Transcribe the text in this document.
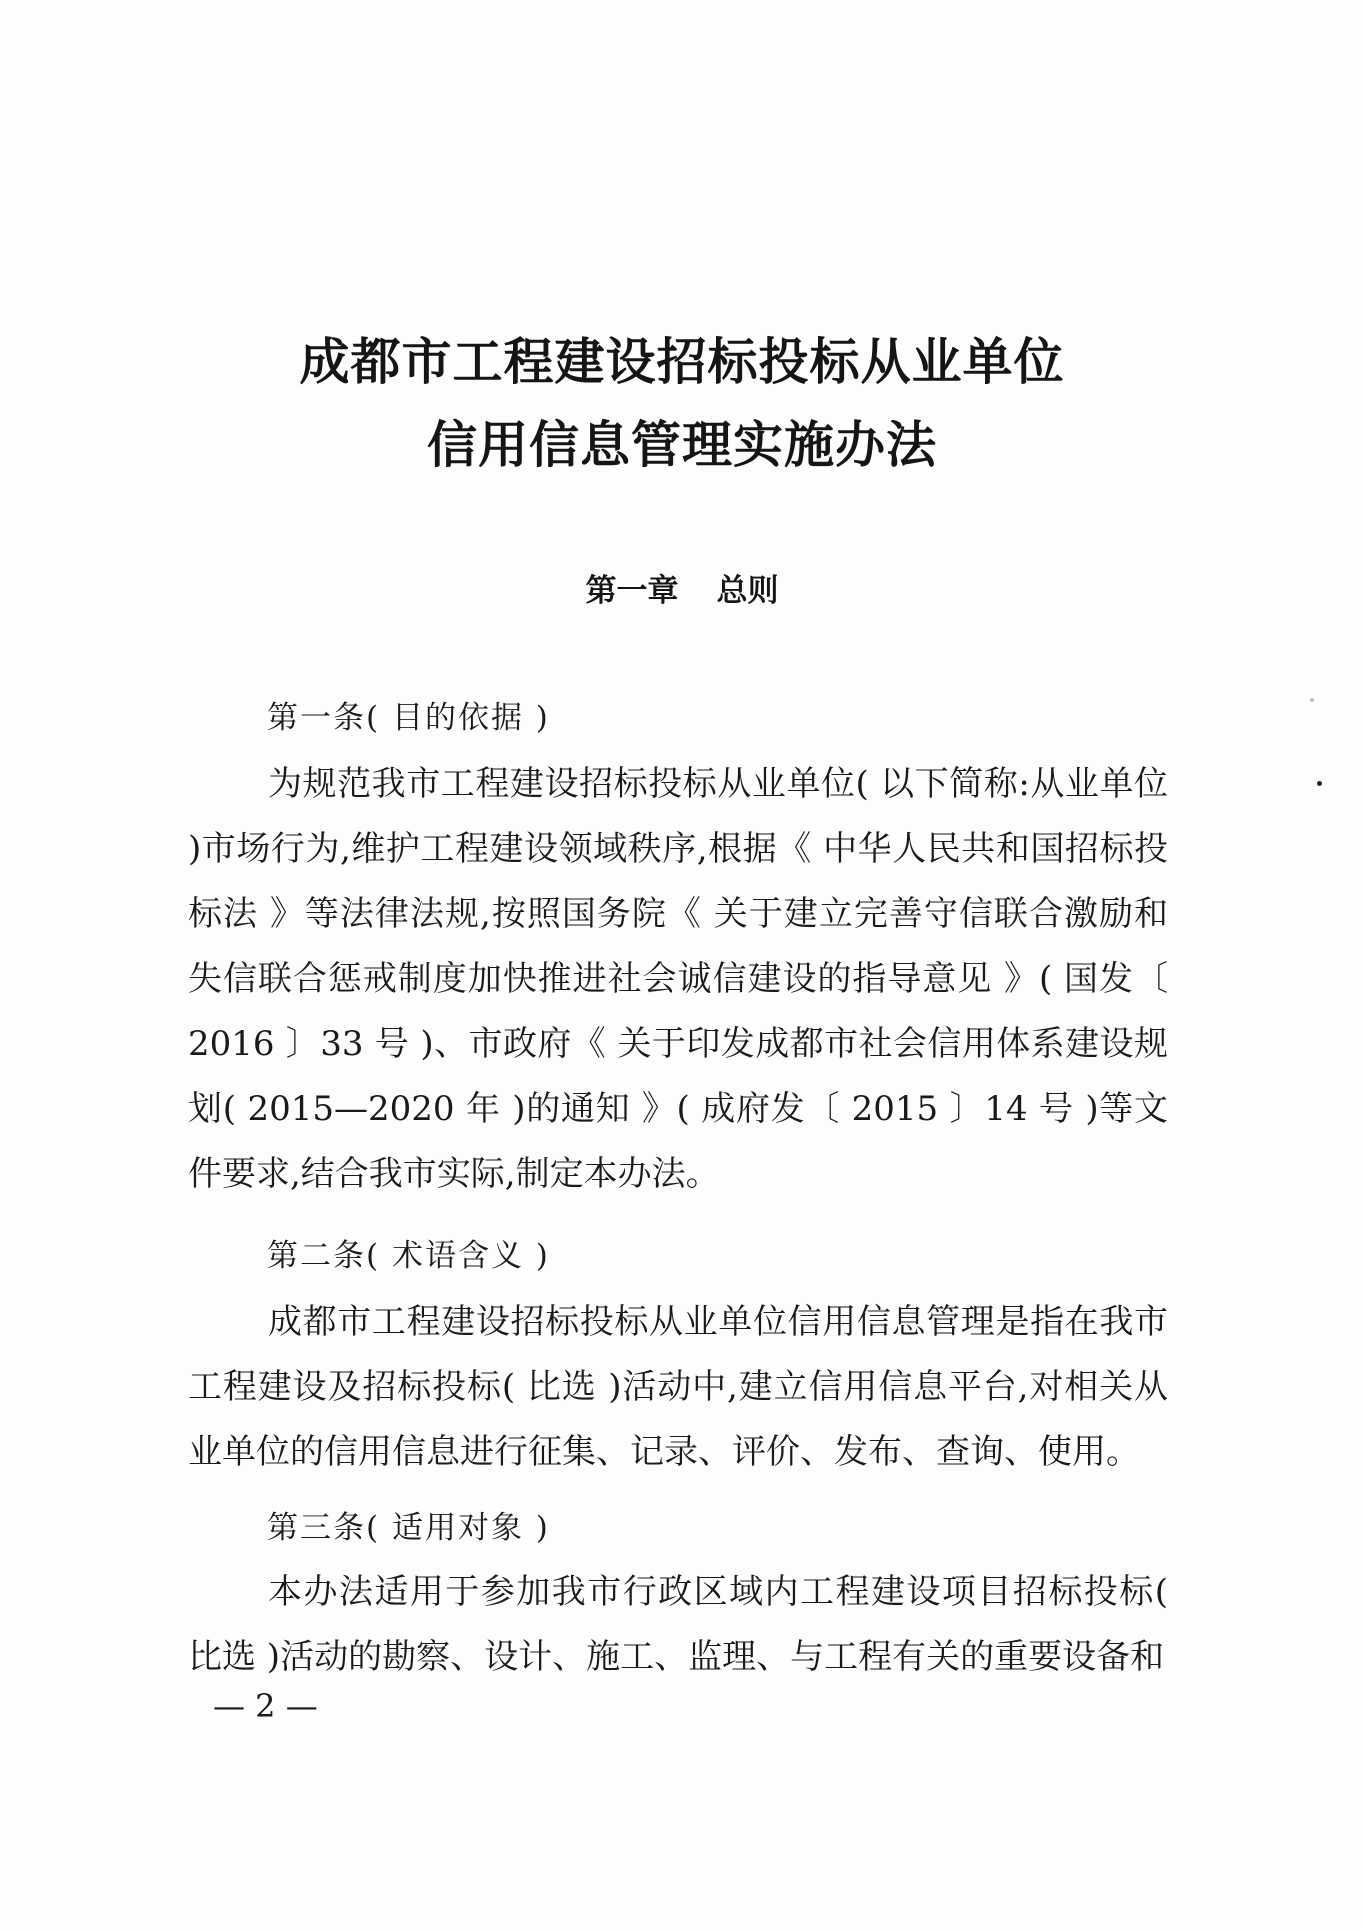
成都市工程建设招标投标从业单位
信用信息管理实施办法
第一章 总则
第一条( 目的依据 )
为规范我市工程建设招标投标从业单位( 以下简称:从业单位 )市场行为,维护工程建设领域秩序,根据《 中华人民共和国招标投标法 》等法律法规,按照国务院《 关于建立完善守信联合激励和失信联合惩戒制度加快推进社会诚信建设的指导意见 》( 国发〔 2016 〕33 号 )、市政府《 关于印发成都市社会信用体系建设规划( 2015—2020 年 )的通知 》( 成府发〔 2015 〕14 号 )等文件要求,结合我市实际,制定本办法。
第二条( 术语含义 )
成都市工程建设招标投标从业单位信用信息管理是指在我市工程建设及招标投标( 比选 )活动中,建立信用信息平台,对相关从业单位的信用信息进行征集、记录、评价、发布、查询、使用。
第三条( 适用对象 )
本办法适用于参加我市行政区域内工程建设项目招标投标( 比选 )活动的勘察、设计、施工、监理、与工程有关的重要设备和
— 2 —
